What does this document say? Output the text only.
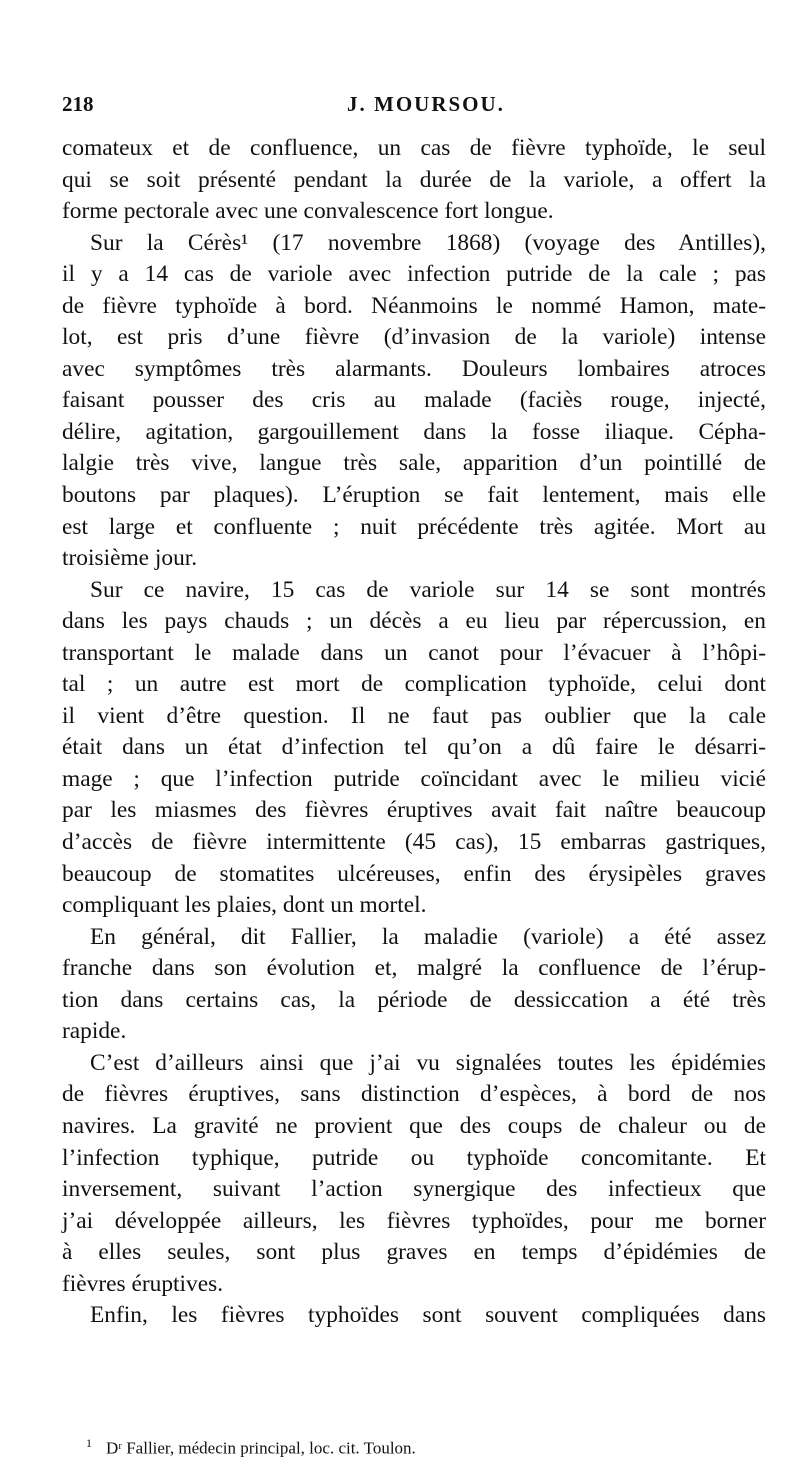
218	J. MOURSOU.
comateux et de confluence, un cas de fièvre typhoïde, le seul
qui se soit présenté pendant la durée de la variole, a offert la
forme pectorale avec une convalescence fort longue.
Sur la Cérès¹ (17 novembre 1868) (voyage des Antilles),
il y a 14 cas de variole avec infection putride de la cale ; pas
de fièvre typhoïde à bord. Néanmoins le nommé Hamon, mate-
lot, est pris d’une fièvre (d’invasion de la variole) intense
avec symptômes très alarmants. Douleurs lombaires atroces
faisant pousser des cris au malade (faciès rouge, injecté,
délire, agitation, gargouillement dans la fosse iliaque. Cépha-
lalgie très vive, langue très sale, apparition d’un pointillé de
boutons par plaques). L’éruption se fait lentement, mais elle
est large et confluente ; nuit précédente très agitée. Mort au
troisième jour.
Sur ce navire, 15 cas de variole sur 14 se sont montrés
dans les pays chauds ; un décès a eu lieu par répercussion, en
transportant le malade dans un canot pour l’évacuer à l’hôpi-
tal ; un autre est mort de complication typhoïde, celui dont
il vient d’être question. Il ne faut pas oublier que la cale
était dans un état d’infection tel qu’on a dû faire le désarri-
mage ; que l’infection putride coïncidant avec le milieu vicié
par les miasmes des fièvres éruptives avait fait naître beaucoup
d’accès de fièvre intermittente (45 cas), 15 embarras gastriques,
beaucoup de stomatites ulcéreuses, enfin des érysipèles graves
compliquant les plaies, dont un mortel.
En général, dit Fallier, la maladie (variole) a été assez
franche dans son évolution et, malgré la confluence de l’érup-
tion dans certains cas, la période de dessiccation a été très
rapide.
C’est d’ailleurs ainsi que j’ai vu signalées toutes les épidémies
de fièvres éruptives, sans distinction d’espèces, à bord de nos
navires. La gravité ne provient que des coups de chaleur ou de
l’infection typhique, putride ou typhoïde concomitante. Et
inversement, suivant l’action synergique des infectieux que
j’ai développée ailleurs, les fièvres typhoïdes, pour me borner
à elles seules, sont plus graves en temps d’épidémies de
fièvres éruptives.
Enfin, les fièvres typhoïdes sont souvent compliquées dans
$^1$ Dʳ Fallier, médecin principal, loc. cit. Toulon.
